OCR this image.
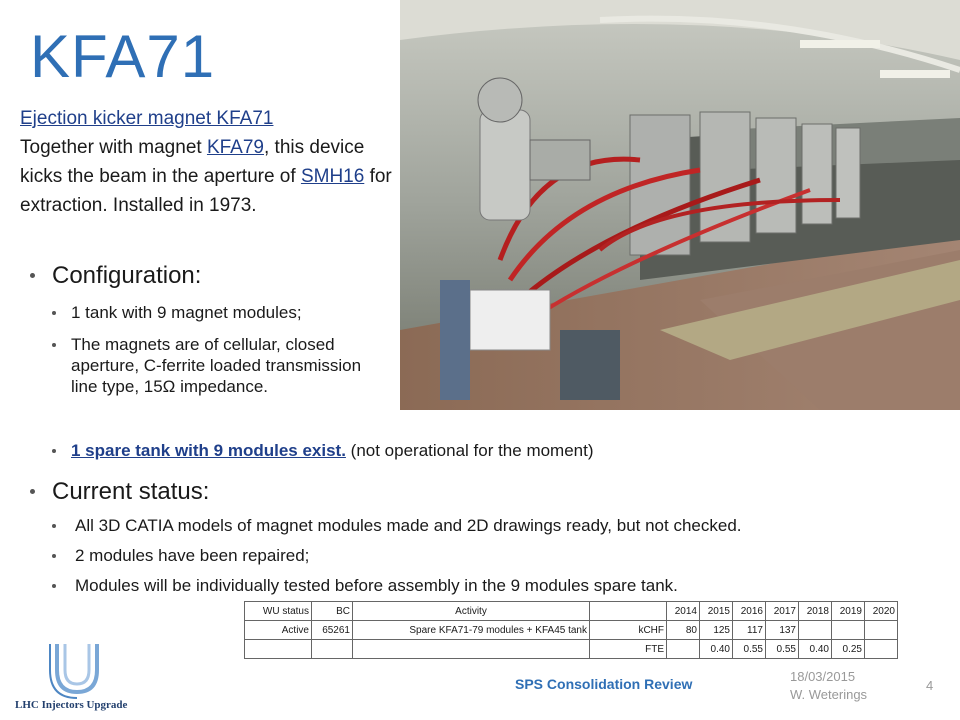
KFA71
Ejection kicker magnet KFA71
Together with magnet KFA79, this device kicks the beam in the aperture of SMH16 for extraction. Installed in 1973.
Configuration:
1 tank with 9 magnet modules;
The magnets are of cellular, closed aperture, C-ferrite loaded transmission line type, 15Ω impedance.
1 spare tank with 9 modules exist. (not operational for the moment)
Current status:
All 3D CATIA models of magnet modules made and 2D drawings ready, but not checked.
2 modules have been repaired;
Modules will be individually tested before assembly in the 9 modules spare tank.
WU status	BC	Activity		2014	2015	2016	2017	2018	2019	2020
Active	65261	Spare KFA71-79 modules + KFA45 tank	kCHF	80	125	117	137			
			FTE		0.40	0.55	0.55	0.40	0.25	
LHC Injectors Upgrade
SPS Consolidation Review	18/03/2015
W. Weterings
4
